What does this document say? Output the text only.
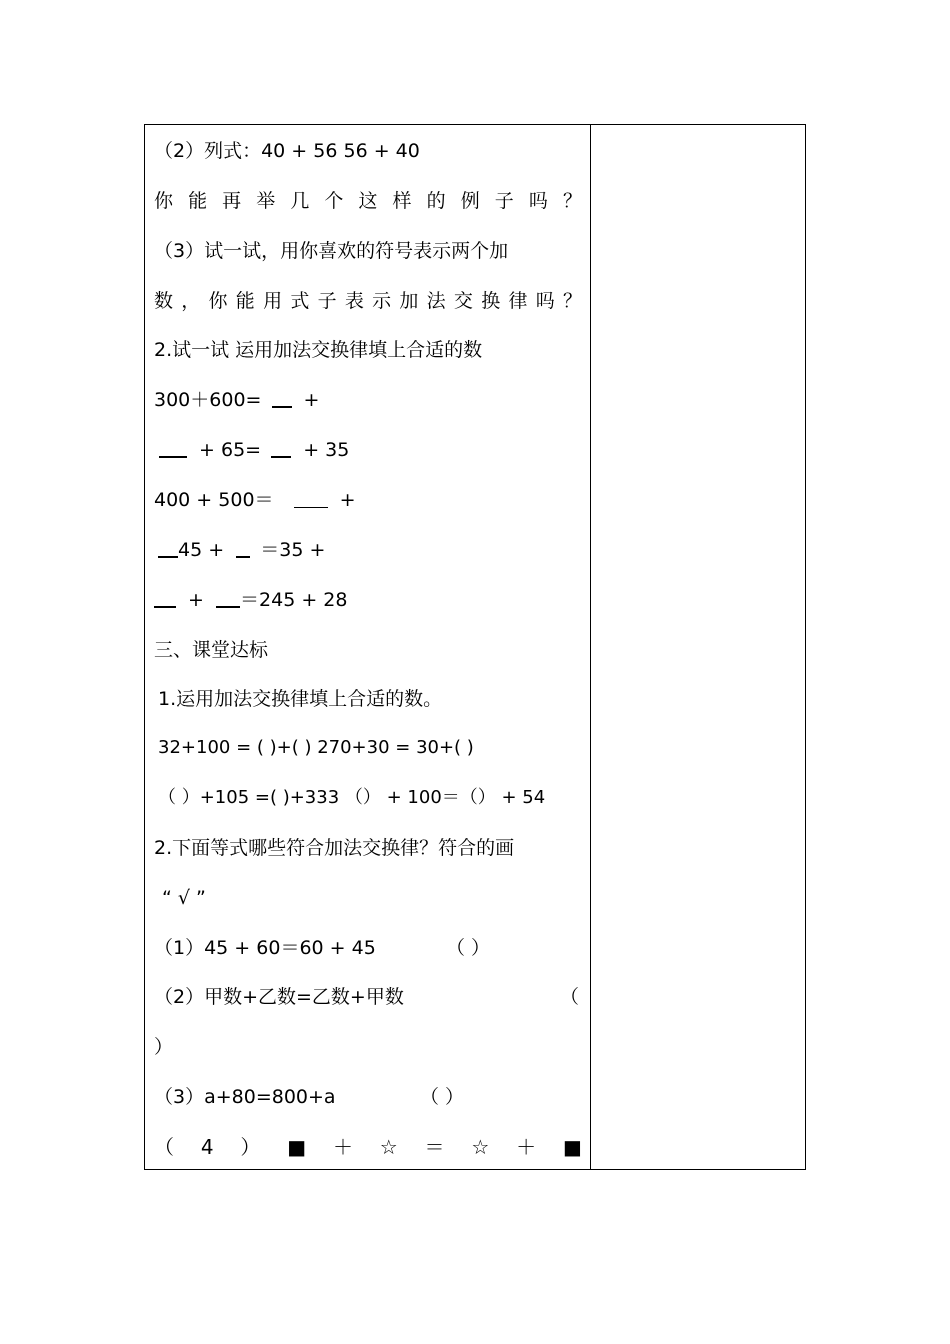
（2）列式：40 + 56 56 + 40
你 能 再 举 几 个 这 样 的 例 子 吗 ？
（3）试一试，用你喜欢的符号表示两个加
数 ， 你 能 用 式 子 表 示 加 法 交 换 律 吗 ？
2.试一试 运用加法交换律填上合适的数
300＋600= +
+ 65= + 35
400 + 500＝	+
45 + ＝35 +
+ ＝245 + 28
三、课堂达标
1.运用加法交换律填上合适的数。
32+100 = ( )+( ) 270+30 = 30+( )
（ ）+105 =( )+333 （） + 100＝（） + 54
2.下面等式哪些符合加法交换律？符合的画
“ √ ”
（1）45 + 60＝60 + 45	（ ）
（2）甲数+乙数=乙数+甲数	（
）
（3）a+80=800+a	（ ）
（ 4 ） ■ ＋ ☆ ＝ ☆ ＋ ■
